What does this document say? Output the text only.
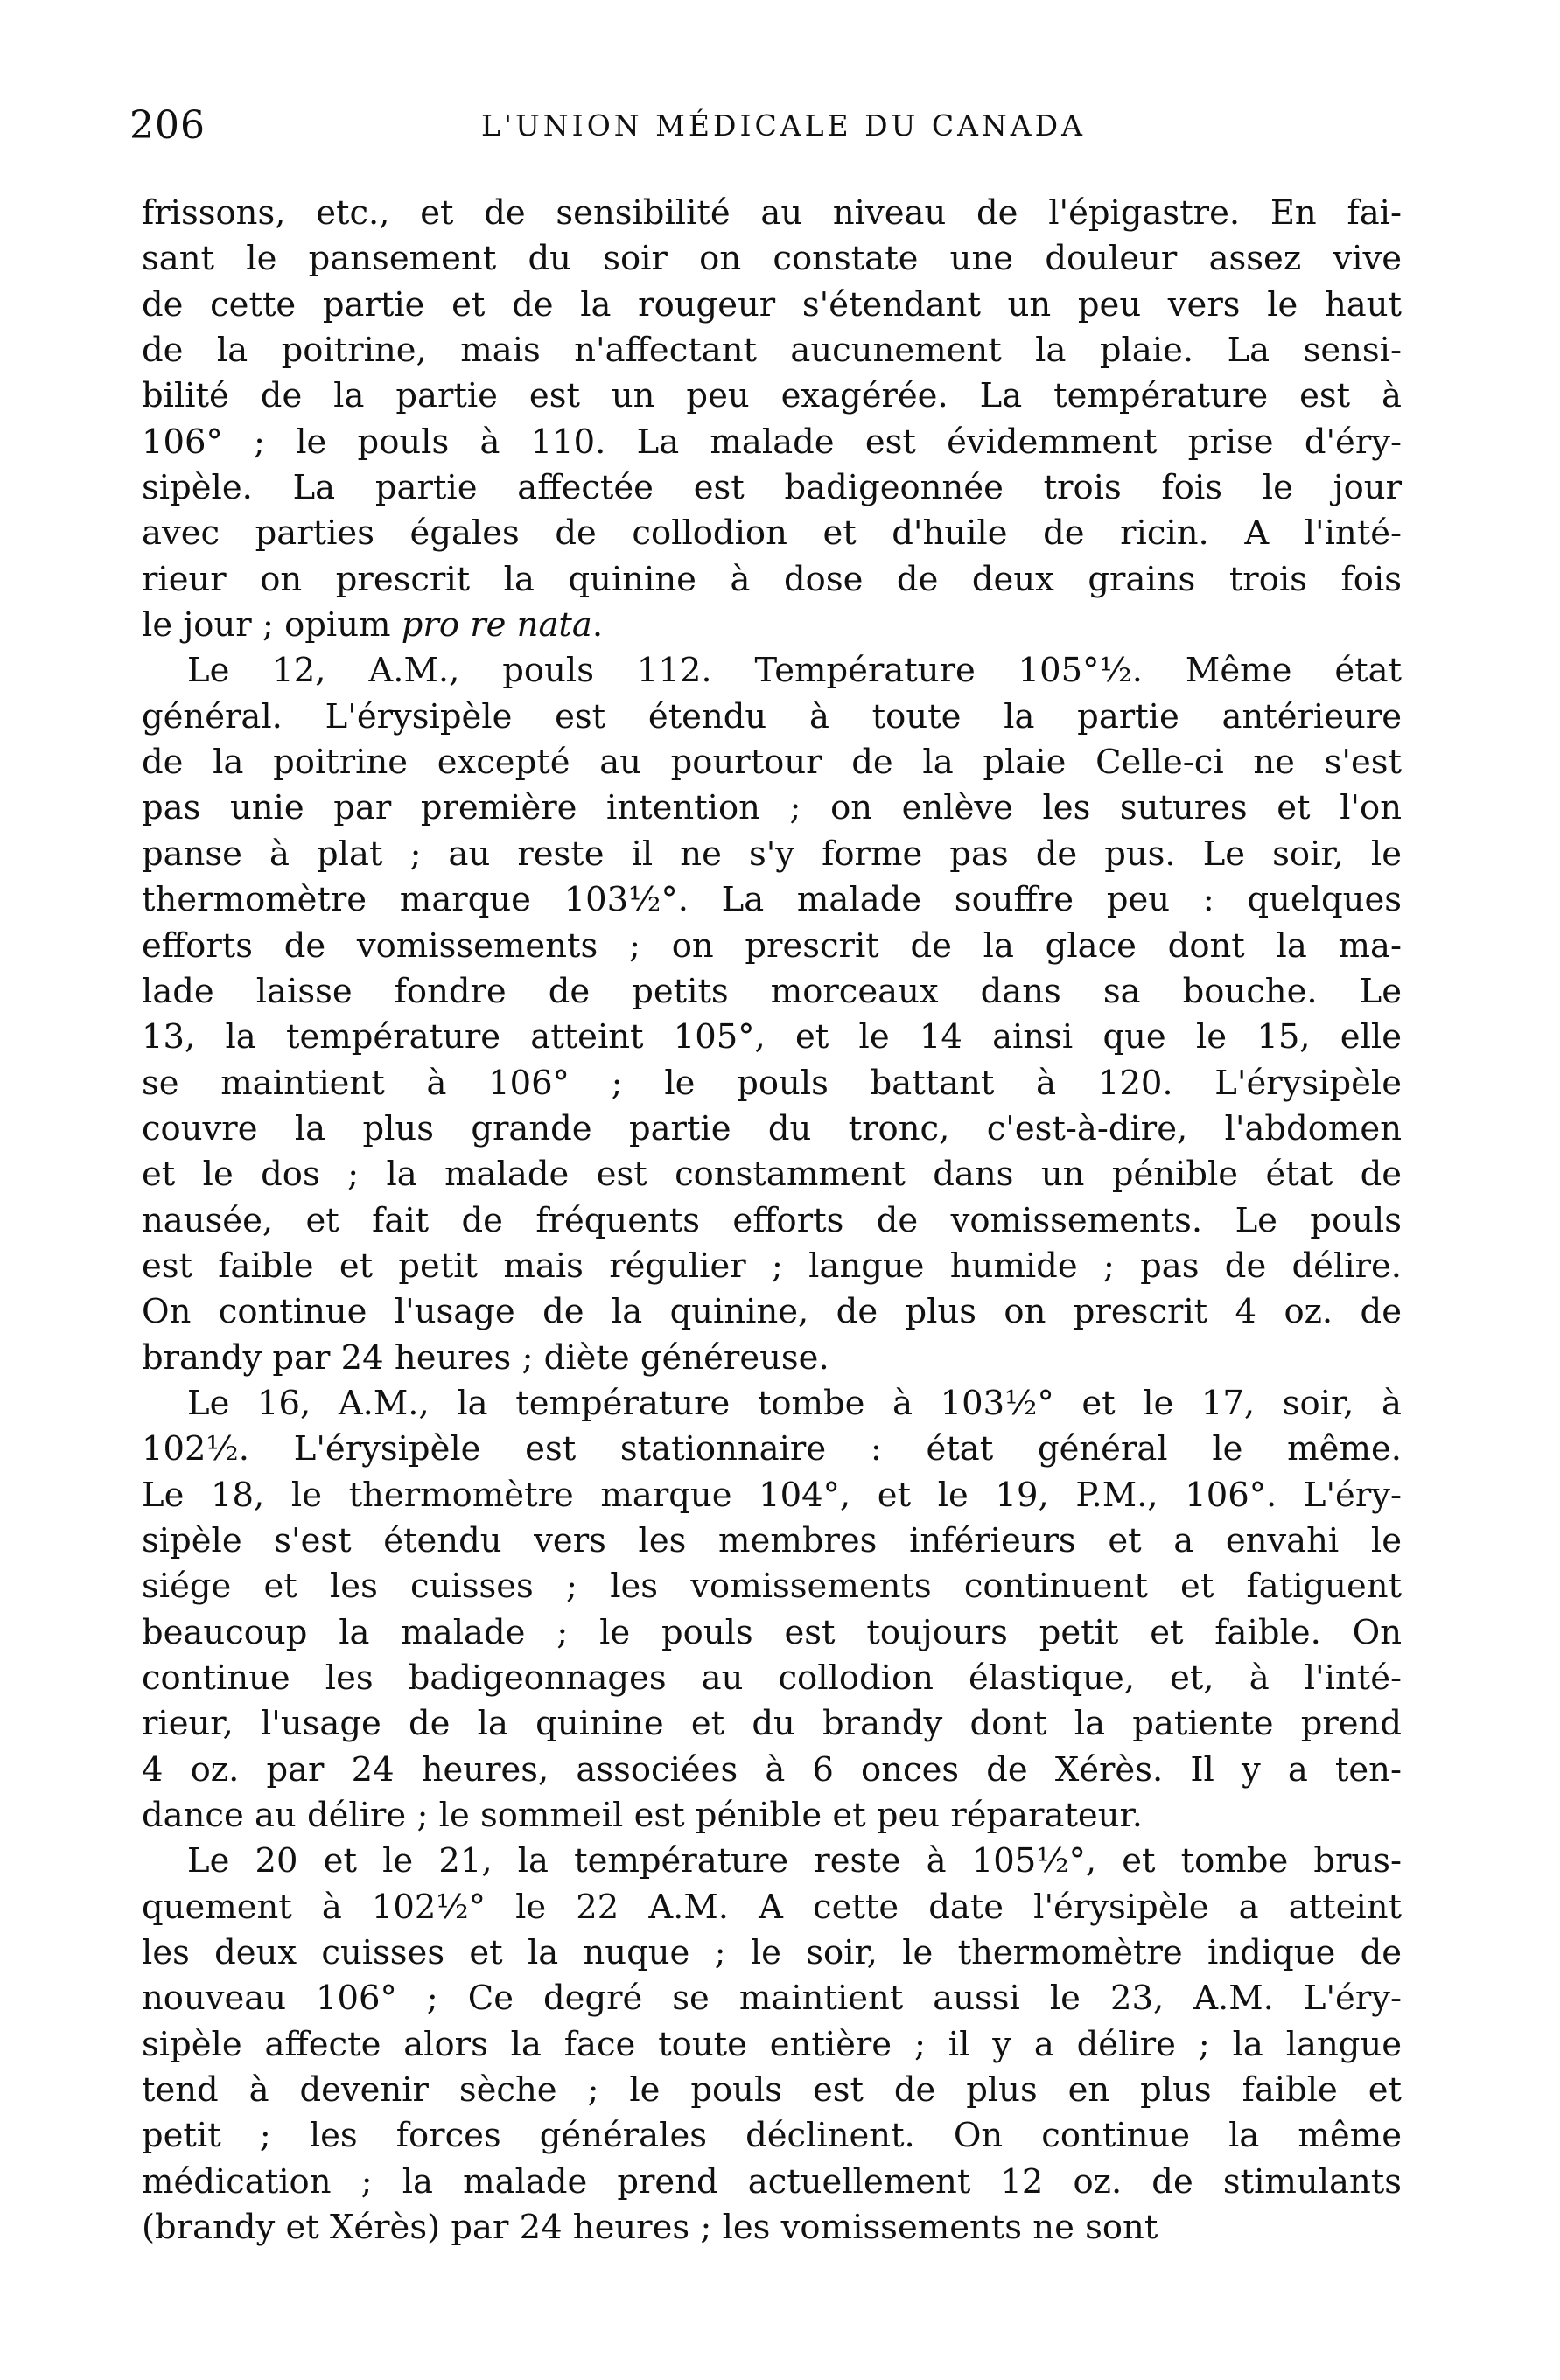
206	L'UNION MÉDICALE DU CANADA

frissons, etc., et de sensibilité au niveau de l'épigastre. En fai-
sant le pansement du soir on constate une douleur assez vive
de cette partie et de la rougeur s'étendant un peu vers le haut
de la poitrine, mais n'affectant aucunement la plaie. La sensi-
bilité de la partie est un peu exagérée. La température est à
106° ; le pouls à 110. La malade est évidemment prise d'éry-
sipèle. La partie affectée est badigeonnée trois fois le jour
avec parties égales de collodion et d'huile de ricin. A l'inté-
rieur on prescrit la quinine à dose de deux grains trois fois
le jour ; opium pro re nata.

Le 12, A.M., pouls 112. Température 105°½. Même état
général. L'érysipèle est étendu à toute la partie antérieure
de la poitrine excepté au pourtour de la plaie Celle-ci ne s'est
pas unie par première intention ; on enlève les sutures et l'on
panse à plat ; au reste il ne s'y forme pas de pus. Le soir, le
thermomètre marque 103½°. La malade souffre peu : quelques
efforts de vomissements ; on prescrit de la glace dont la ma-
lade laisse fondre de petits morceaux dans sa bouche. Le
13, la température atteint 105°, et le 14 ainsi que le 15, elle
se maintient à 106° ; le pouls battant à 120. L'érysipèle
couvre la plus grande partie du tronc, c'est-à-dire, l'abdomen
et le dos ; la malade est constamment dans un pénible état de
nausée, et fait de fréquents efforts de vomissements. Le pouls
est faible et petit mais régulier ; langue humide ; pas de délire.
On continue l'usage de la quinine, de plus on prescrit 4 oz. de
brandy par 24 heures ; diète généreuse.

Le 16, A.M., la température tombe à 103½° et le 17, soir, à
102½. L'érysipèle est stationnaire : état général le même.
Le 18, le thermomètre marque 104°, et le 19, P.M., 106°. L'éry-
sipèle s'est étendu vers les membres inférieurs et a envahi le
siége et les cuisses ; les vomissements continuent et fatiguent
beaucoup la malade ; le pouls est toujours petit et faible. On
continue les badigeonnages au collodion élastique, et, à l'inté-
rieur, l'usage de la quinine et du brandy dont la patiente prend
4 oz. par 24 heures, associées à 6 onces de Xérès. Il y a ten-
dance au délire ; le sommeil est pénible et peu réparateur.

Le 20 et le 21, la température reste à 105½°, et tombe brus-
quement à 102½° le 22 A.M. A cette date l'érysipèle a atteint
les deux cuisses et la nuque ; le soir, le thermomètre indique de
nouveau 106° ; Ce degré se maintient aussi le 23, A.M. L'éry-
sipèle affecte alors la face toute entière ; il y a délire ; la langue
tend à devenir sèche ; le pouls est de plus en plus faible et
petit ; les forces générales déclinent. On continue la même
médication ; la malade prend actuellement 12 oz. de stimulants
(brandy et Xérès) par 24 heures ; les vomissements ne sont
